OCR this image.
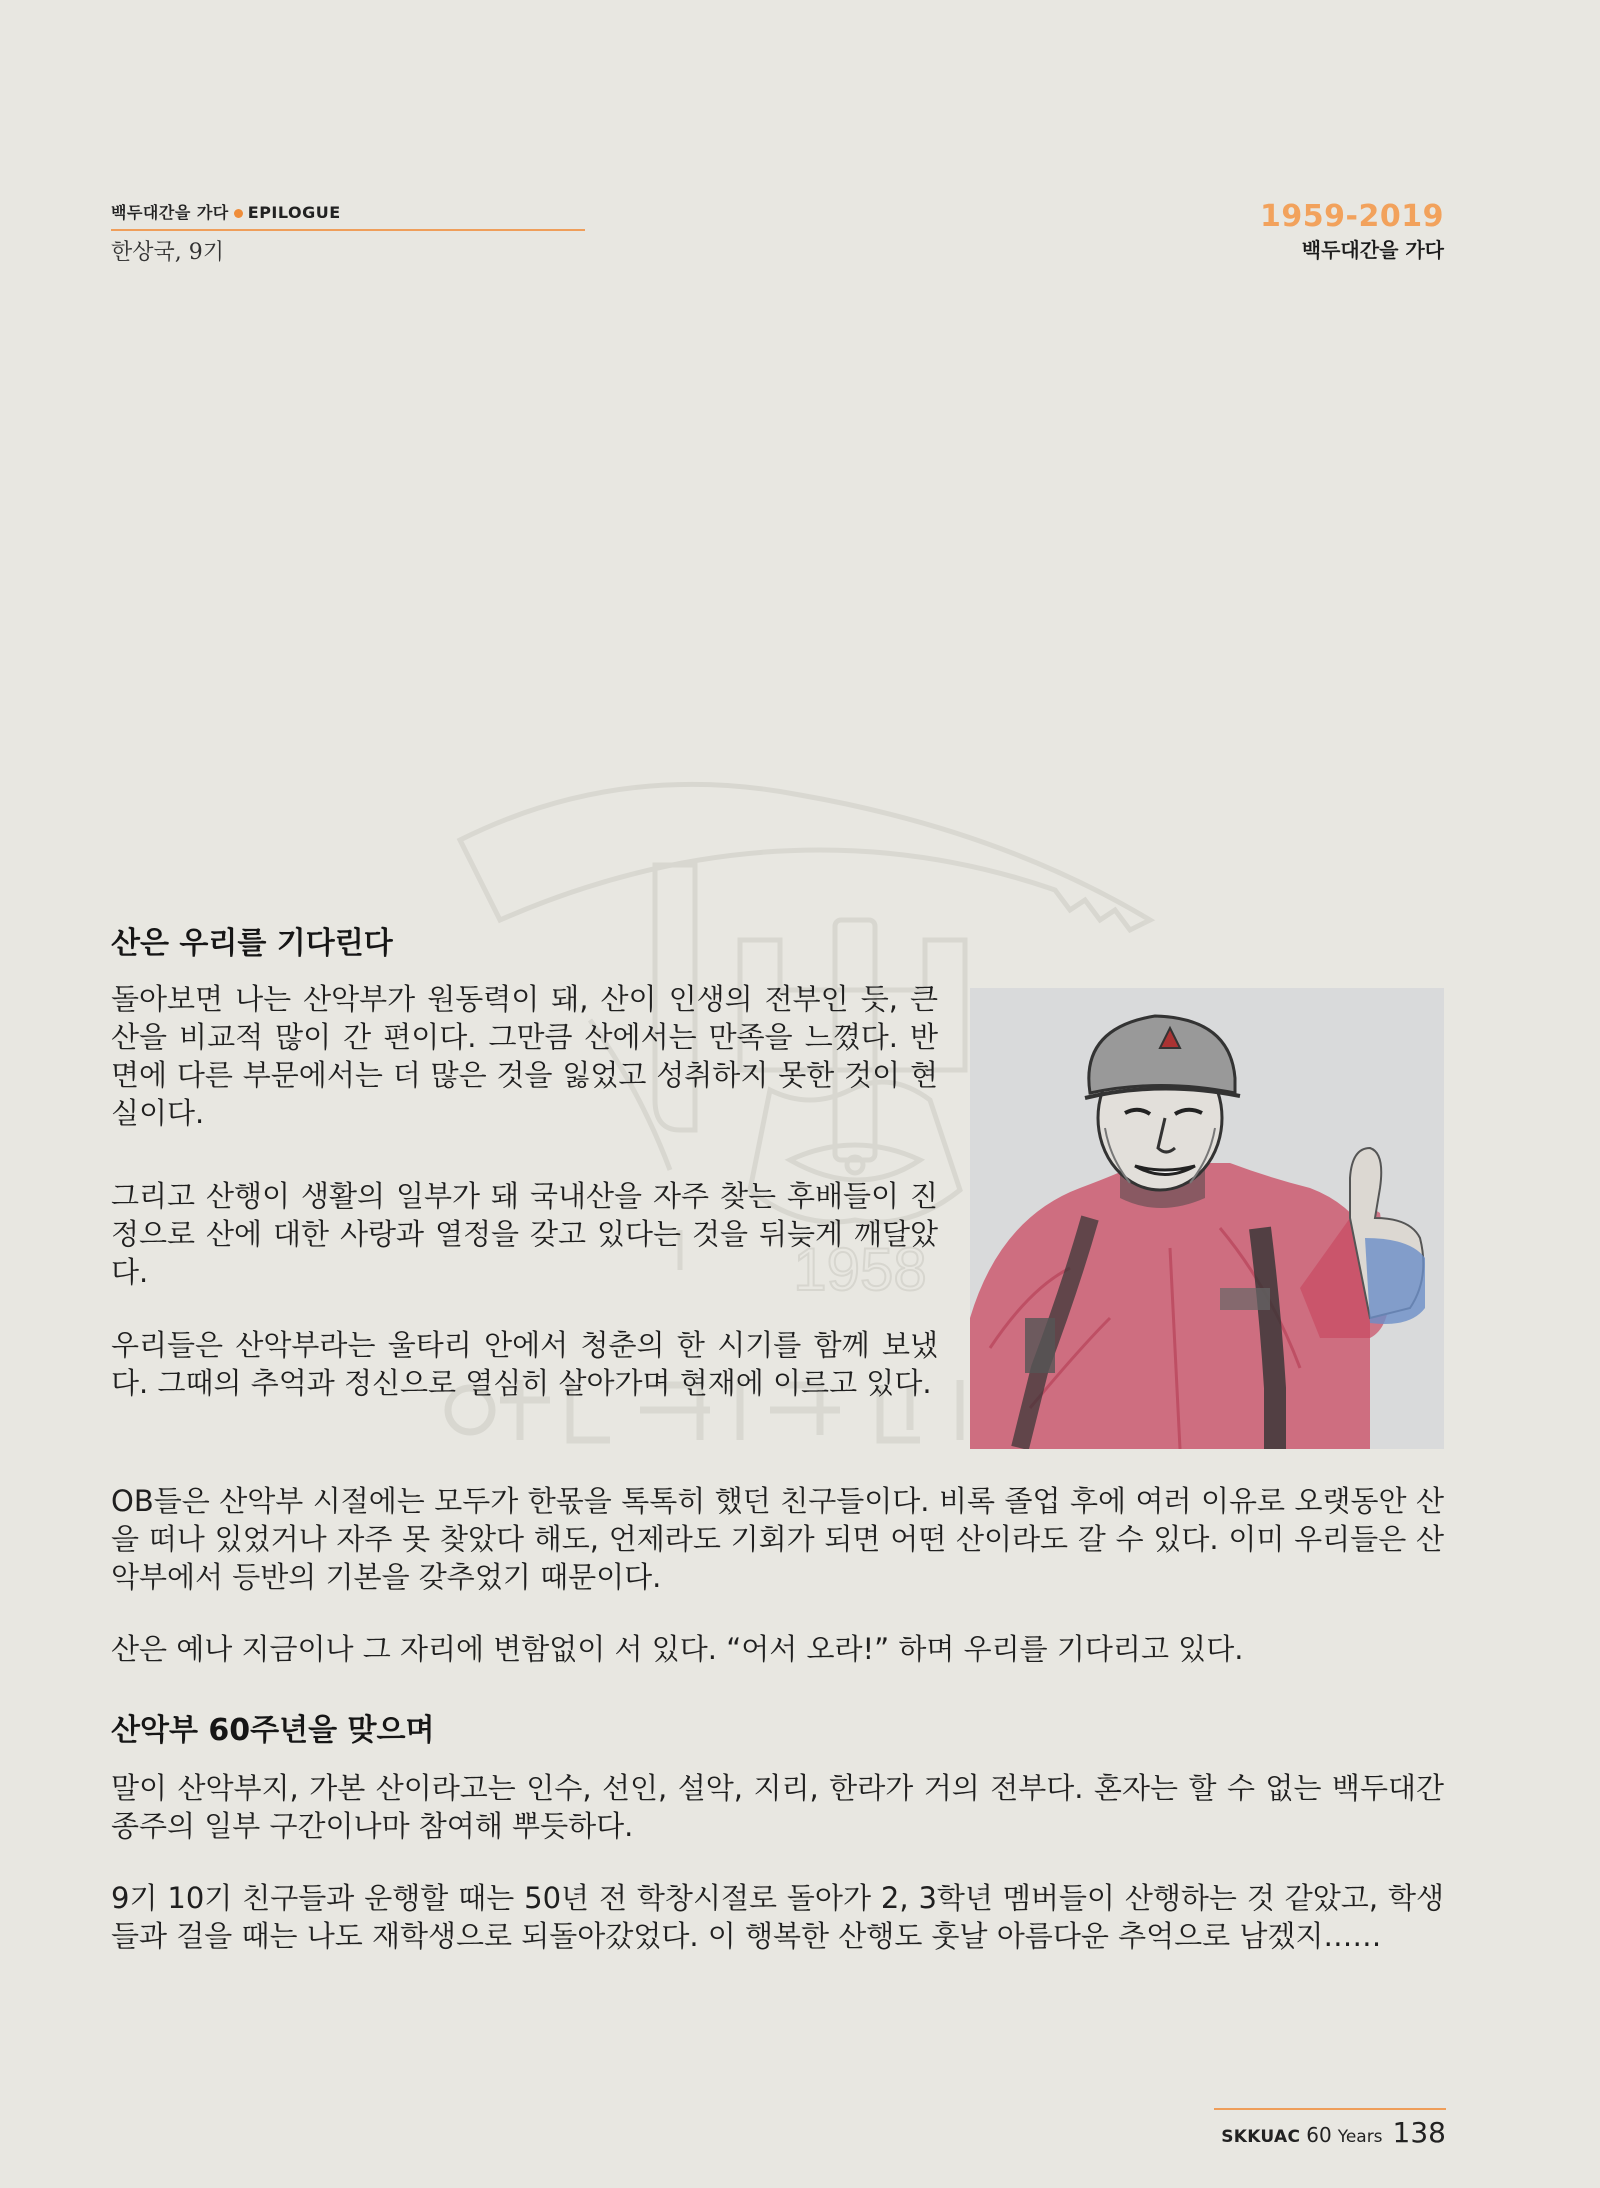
백두대간을 가다 EPILOGUE
한상국, 9기
1959-2019
백두대간을 가다
1958
산은 우리를 기다린다
돌아보면 나는 산악부가 원동력이 돼, 산이 인생의 전부인 듯, 큰 산을 비교적 많이 간 편이다. 그만큼 산에서는 만족을 느꼈다. 반면에 다른 부문에서는 더 많은 것을 잃었고 성취하지 못한 것이 현실이다.
그리고 산행이 생활의 일부가 돼 국내산을 자주 찾는 후배들이 진정으로 산에 대한 사랑과 열정을 갖고 있다는 것을 뒤늦게 깨달았다.
우리들은 산악부라는 울타리 안에서 청춘의 한 시기를 함께 보냈다. 그때의 추억과 정신으로 열심히 살아가며 현재에 이르고 있다.
OB들은 산악부 시절에는 모두가 한몫을 톡톡히 했던 친구들이다. 비록 졸업 후에 여러 이유로 오랫동안 산을 떠나 있었거나 자주 못 찾았다 해도, 언제라도 기회가 되면 어떤 산이라도 갈 수 있다. 이미 우리들은 산악부에서 등반의 기본을 갖추었기 때문이다.
산은 예나 지금이나 그 자리에 변함없이 서 있다. “어서 오라!” 하며 우리를 기다리고 있다.
산악부 60주년을 맞으며
말이 산악부지, 가본 산이라고는 인수, 선인, 설악, 지리, 한라가 거의 전부다. 혼자는 할 수 없는 백두대간 종주의 일부 구간이나마 참여해 뿌듯하다.
9기 10기 친구들과 운행할 때는 50년 전 학창시절로 돌아가 2, 3학년 멤버들이 산행하는 것 같았고, 학생들과 걸을 때는 나도 재학생으로 되돌아갔었다. 이 행복한 산행도 훗날 아름다운 추억으로 남겠지……
SKKUAC 60 Years 138
